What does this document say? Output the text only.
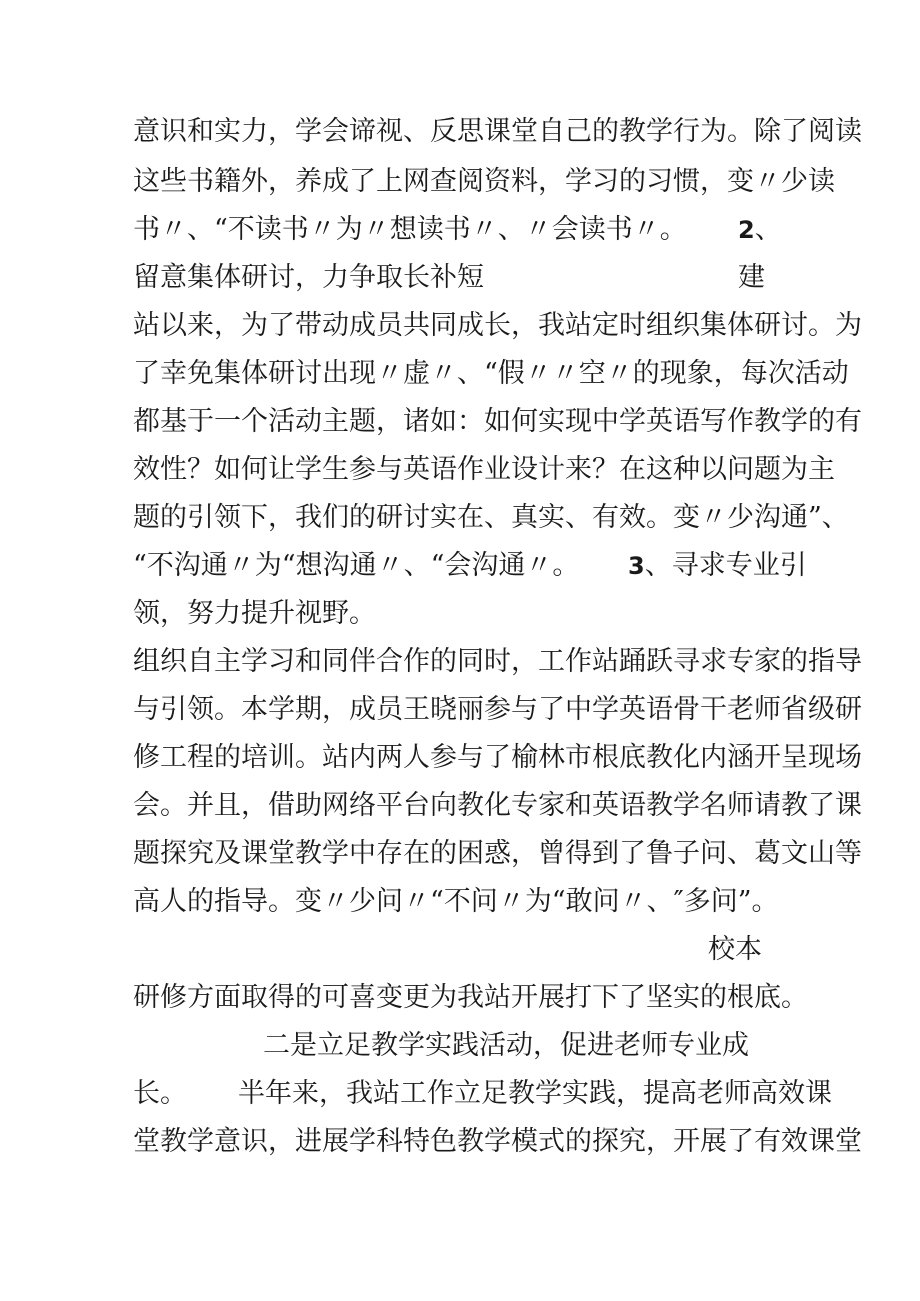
意识和实力，学会谛视、反思课堂自己的教学行为。除了阅读
这些书籍外，养成了上网查阅资料，学习的习惯，变〃少读
书〃、“不读书〃为〃想读书〃、〃会读书〃。 2、
留意集体研讨，力争取长补短	建
站以来，为了带动成员共同成长，我站定时组织集体研讨。为
了幸免集体研讨出现〃虚〃、“假〃〃空〃的现象，每次活动
都基于一个活动主题，诸如：如何实现中学英语写作教学的有
效性？如何让学生参与英语作业设计来？在这种以问题为主
题的引领下，我们的研讨实在、真实、有效。变〃少沟通”、
“不沟通〃为“想沟通〃、“会沟通〃。 3、寻求专业引
领，努力提升视野。
组织自主学习和同伴合作的同时，工作站踊跃寻求专家的指导
与引领。本学期，成员王晓丽参与了中学英语骨干老师省级研
修工程的培训。站内两人参与了榆林市根底教化内涵开呈现场
会。并且，借助网络平台向教化专家和英语教学名师请教了课
题探究及课堂教学中存在的困惑，曾得到了鲁子问、葛文山等
高人的指导。变〃少问〃“不问〃为“敢问〃、″多问”。
校本
研修方面取得的可喜变更为我站开展打下了坚实的根底。
二是立足教学实践活动，促进老师专业成
长。 半年来，我站工作立足教学实践，提高老师高效课
堂教学意识，进展学科特色教学模式的探究，开展了有效课堂
